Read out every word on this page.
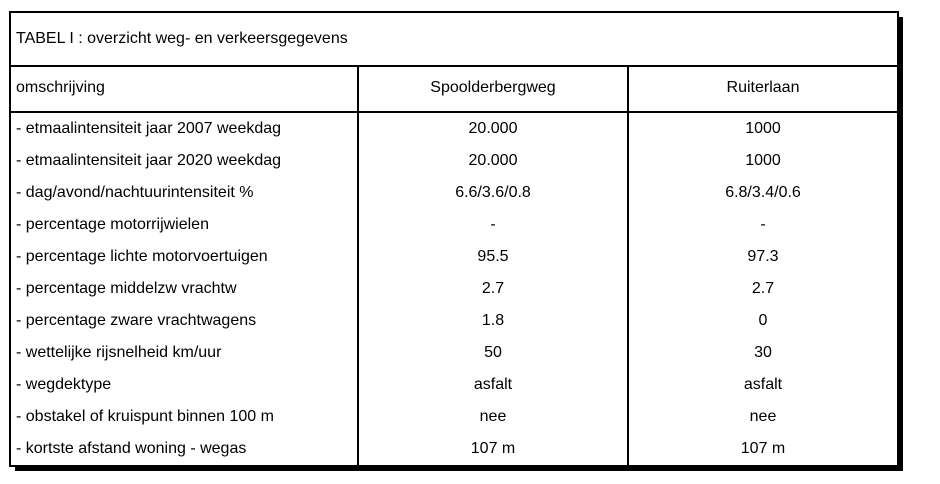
TABEL I : overzicht weg- en verkeersgegevens
omschrijving	Spoolderbergweg	Ruiterlaan
- etmaalintensiteit jaar 2007 weekdag	20.000	1000
- etmaalintensiteit jaar 2020 weekdag	20.000	1000
- dag/avond/nachtuurintensiteit %	6.6/3.6/0.8	6.8/3.4/0.6
- percentage motorrijwielen	-	-
- percentage lichte motorvoertuigen	95.5	97.3
- percentage middelzw vrachtw	2.7	2.7
- percentage zware vrachtwagens	1.8	0
- wettelijke rijsnelheid km/uur	50	30
- wegdektype	asfalt	asfalt
- obstakel of kruispunt binnen 100 m	nee	nee
- kortste afstand woning - wegas	107 m	107 m
